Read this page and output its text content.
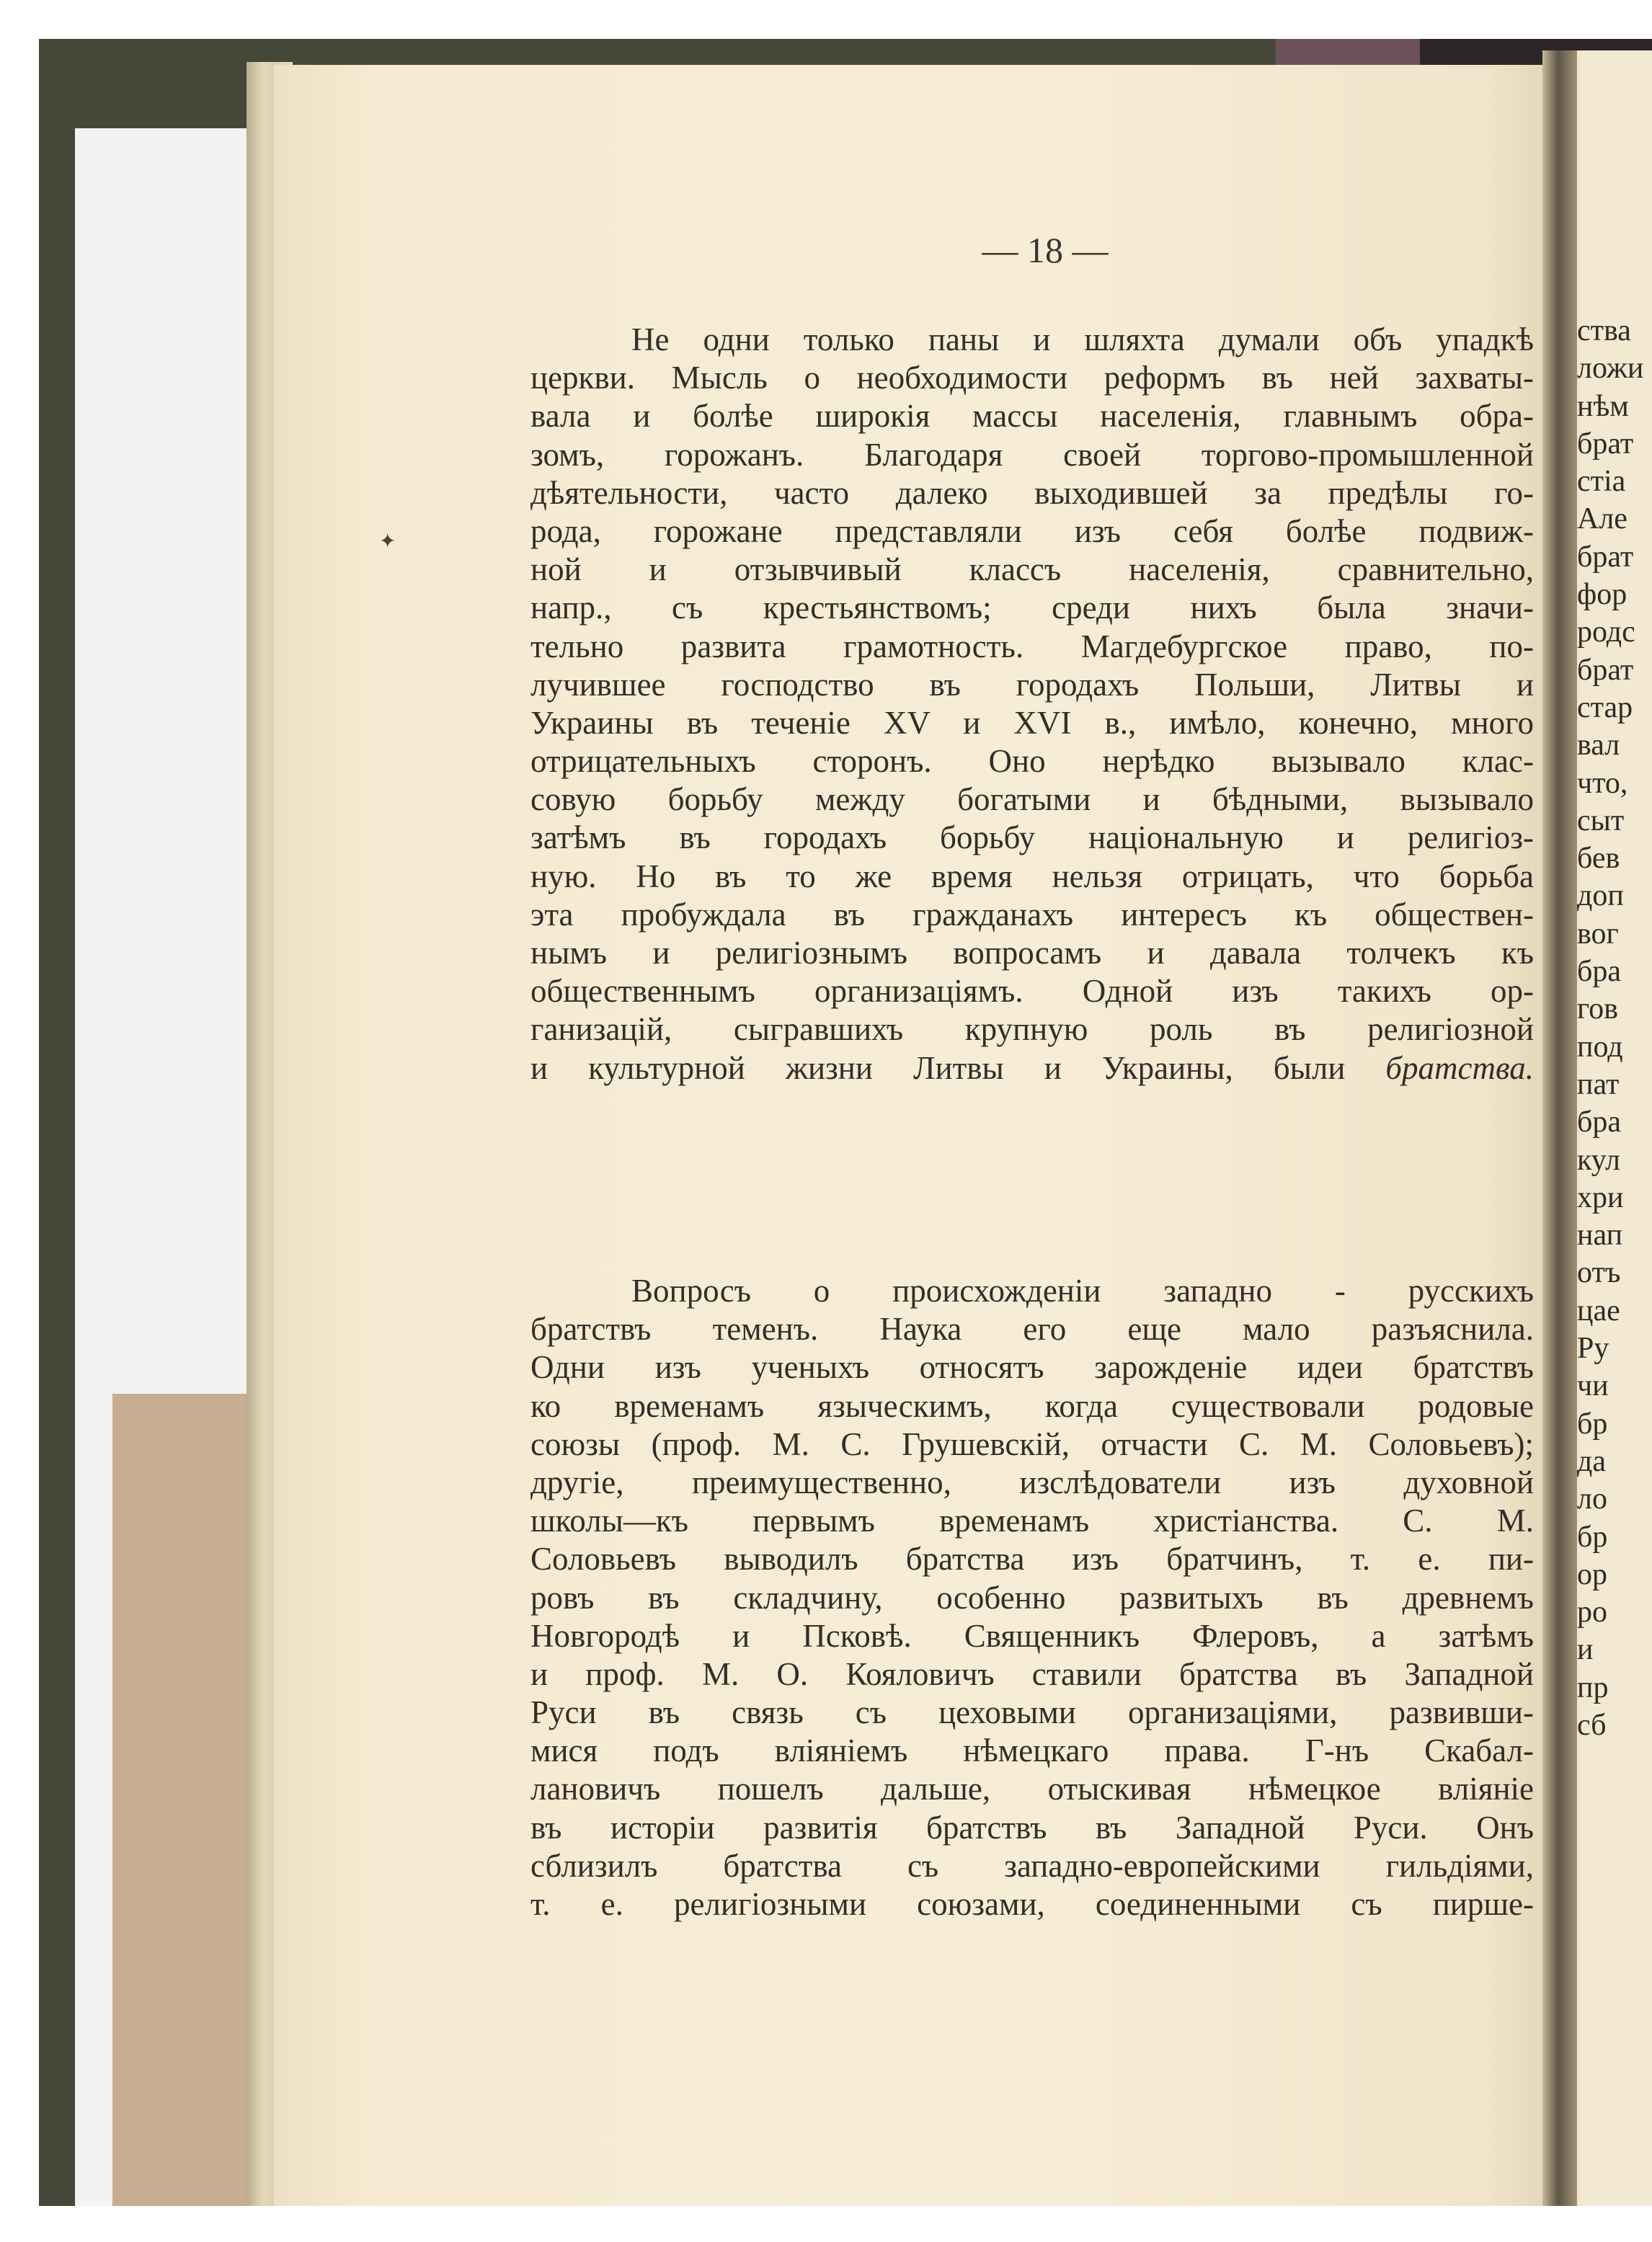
✦
— 18 —
Не одни только паны и шляхта думали объ упадкѣ
церкви. Мысль о необходимости реформъ въ ней захваты-
вала и болѣе широкія массы населенія, главнымъ обра-
зомъ, горожанъ. Благодаря своей торгово-промышленной
дѣятельности, часто далеко выходившей за предѣлы го-
рода, горожане представляли изъ себя болѣе подвиж-
ной и отзывчивый классъ населенія, сравнительно,
напр., съ крестьянствомъ; среди нихъ была значи-
тельно развита грамотность. Магдебургское право, по-
лучившее господство въ городахъ Польши, Литвы и
Украины въ теченіе XV и XVI в., имѣло, конечно, много
отрицательныхъ сторонъ. Оно нерѣдко вызывало клас-
совую борьбу между богатыми и бѣдными, вызывало
затѣмъ въ городахъ борьбу національную и религіоз-
ную. Но въ то же время нельзя отрицать, что борьба
эта пробуждала въ гражданахъ интересъ къ обществен-
нымъ и религіознымъ вопросамъ и давала толчекъ къ
общественнымъ организаціямъ. Одной изъ такихъ ор-
ганизацій, сыгравшихъ крупную роль въ религіозной
и культурной жизни Литвы и Украины, были братства.
Вопросъ о происхожденіи западно - русскихъ
братствъ теменъ. Наука его еще мало разъяснила.
Одни изъ ученыхъ относятъ зарожденіе идеи братствъ
ко временамъ языческимъ, когда существовали родовые
союзы (проф. М. С. Грушевскій, отчасти С. М. Соловьевъ);
другіе, преимущественно, изслѣдователи изъ духовной
школы—къ первымъ временамъ христіанства. С. М.
Соловьевъ выводилъ братства изъ братчинъ, т. е. пи-
ровъ въ складчину, особенно развитыхъ въ древнемъ
Новгородѣ и Псковѣ. Священникъ Флеровъ, а затѣмъ
и проф. М. О. Кояловичъ ставили братства въ Западной
Руси въ связь съ цеховыми организаціями, развивши-
мися подъ вліяніемъ нѣмецкаго права. Г-нъ Скабал-
лановичъ пошелъ дальше, отыскивая нѣмецкое вліяніе
въ исторіи развитія братствъ въ Западной Руси. Онъ
сблизилъ братства съ западно-европейскими гильдіями,
т. е. религіозными союзами, соединенными съ пирше-
ства
ложи
нѣм
брат
стіа
Але
брат
фор
родс
брат
стар
вал
что,
сыт
бев
доп
вог
бра
гов
под
пат
бра
кул
хри
нап
отъ
цае
Ру
чи
бр
да
ло
бр
ор
ро
и
пр
сб
